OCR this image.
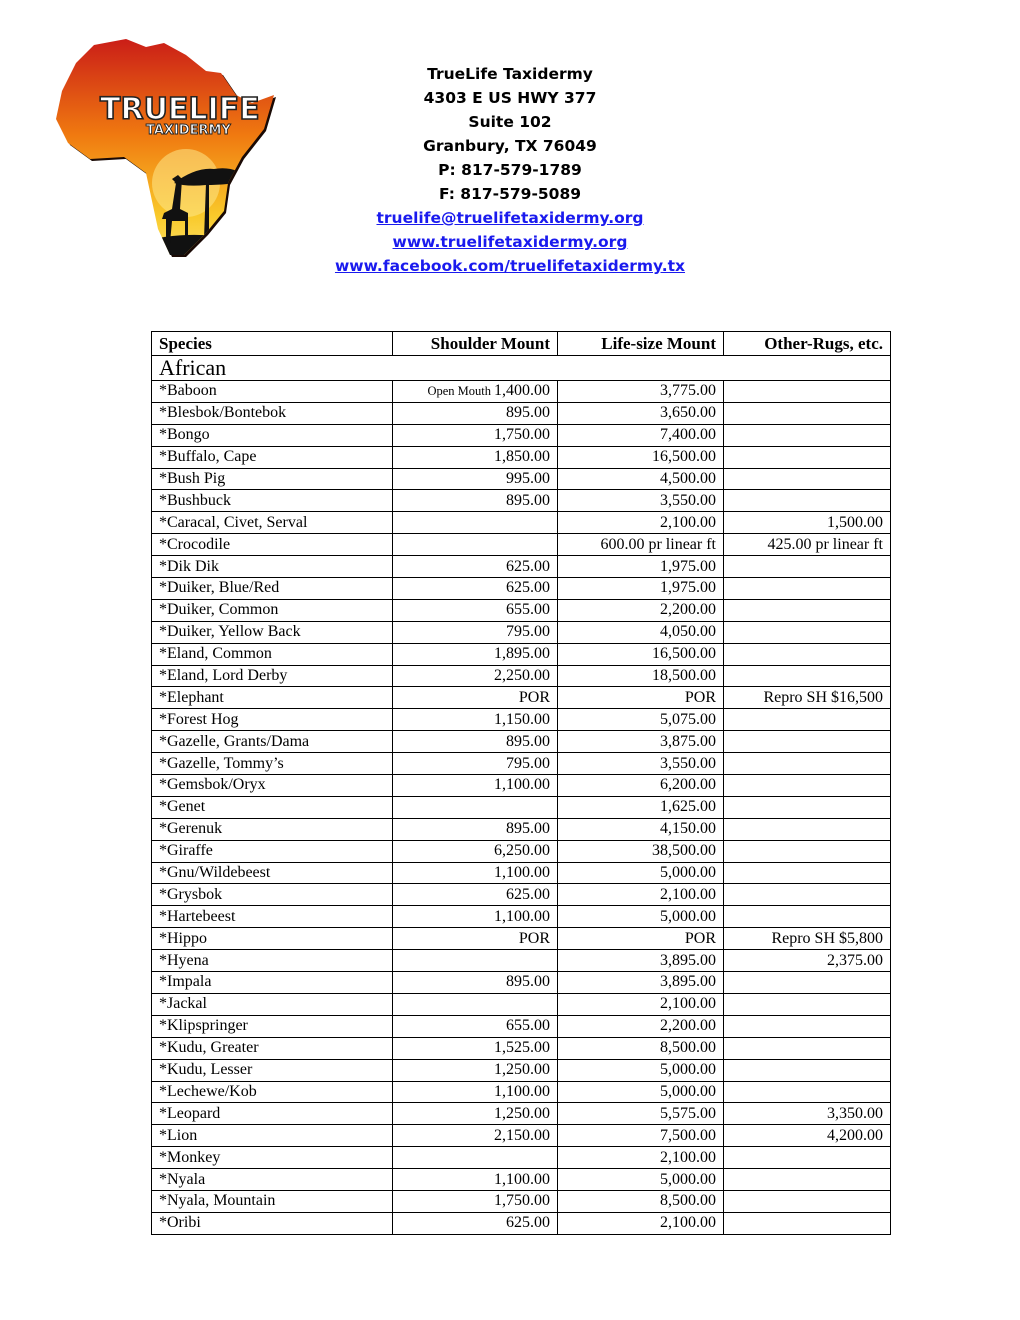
TRUELIFE
TAXIDERMY
TrueLife Taxidermy
4303 E US HWY 377
Suite 102
Granbury, TX 76049
P: 817-579-1789
F: 817-579-5089
truelife@truelifetaxidermy.org
www.truelifetaxidermy.org
www.facebook.com/truelifetaxidermy.tx
Species	Shoulder Mount	Life-size Mount	Other-Rugs, etc.
African			
*Baboon	Open Mouth 1,400.00	3,775.00	
*Blesbok/Bontebok	895.00	3,650.00	
*Bongo	1,750.00	7,400.00	
*Buffalo, Cape	1,850.00	16,500.00	
*Bush Pig	995.00	4,500.00	
*Bushbuck	895.00	3,550.00	
*Caracal, Civet, Serval		2,100.00	1,500.00
*Crocodile		600.00 pr linear ft	425.00 pr linear ft
*Dik Dik	625.00	1,975.00	
*Duiker, Blue/Red	625.00	1,975.00	
*Duiker, Common	655.00	2,200.00	
*Duiker, Yellow Back	795.00	4,050.00	
*Eland, Common	1,895.00	16,500.00	
*Eland, Lord Derby	2,250.00	18,500.00	
*Elephant	POR	POR	Repro SH $16,500
*Forest Hog	1,150.00	5,075.00	
*Gazelle, Grants/Dama	895.00	3,875.00	
*Gazelle, Tommy’s	795.00	3,550.00	
*Gemsbok/Oryx	1,100.00	6,200.00	
*Genet		1,625.00	
*Gerenuk	895.00	4,150.00	
*Giraffe	6,250.00	38,500.00	
*Gnu/Wildebeest	1,100.00	5,000.00	
*Grysbok	625.00	2,100.00	
*Hartebeest	1,100.00	5,000.00	
*Hippo	POR	POR	Repro SH $5,800
*Hyena		3,895.00	2,375.00
*Impala	895.00	3,895.00	
*Jackal		2,100.00	
*Klipspringer	655.00	2,200.00	
*Kudu, Greater	1,525.00	8,500.00	
*Kudu, Lesser	1,250.00	5,000.00	
*Lechewe/Kob	1,100.00	5,000.00	
*Leopard	1,250.00	5,575.00	3,350.00
*Lion	2,150.00	7,500.00	4,200.00
*Monkey		2,100.00	
*Nyala	1,100.00	5,000.00	
*Nyala, Mountain	1,750.00	8,500.00	
*Oribi	625.00	2,100.00	
